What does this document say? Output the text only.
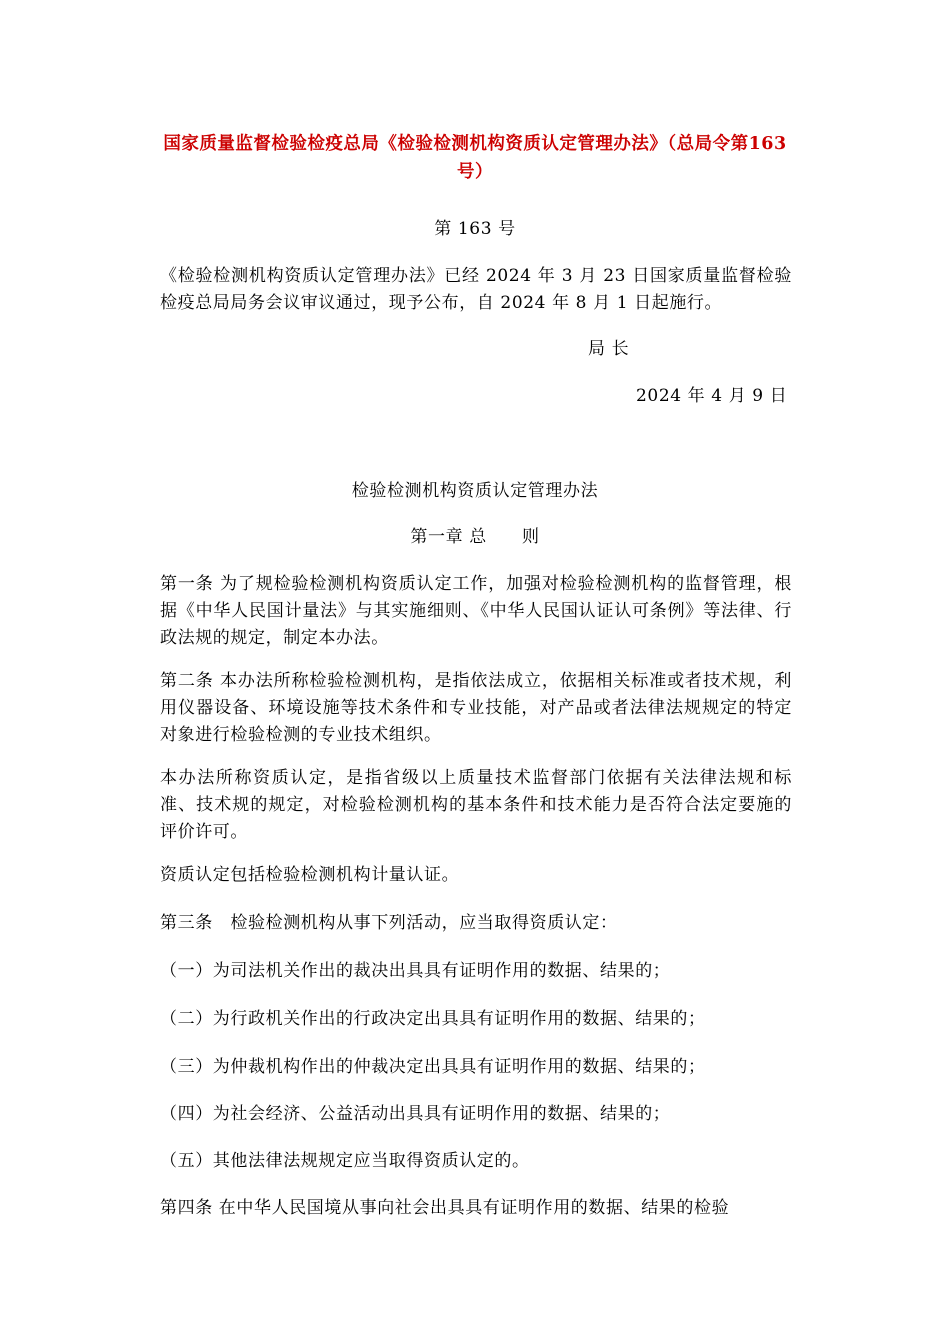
国家质量监督检验检疫总局《检验检测机构资质认定管理办法》（总局令第163号）
第 163 号
《检验检测机构资质认定管理办法》已经 2024 年 3 月 23 日国家质量监督检验检疫总局局务会议审议通过，现予公布，自 2024 年 8 月 1 日起施行。
局 长
2024 年 4 月 9 日
检验检测机构资质认定管理办法
第一章 总　　则
第一条 为了规检验检测机构资质认定工作，加强对检验检测机构的监督管理，根据《中华人民国计量法》与其实施细则、《中华人民国认证认可条例》等法律、行政法规的规定，制定本办法。
第二条 本办法所称检验检测机构，是指依法成立，依据相关标准或者技术规，利用仪器设备、环境设施等技术条件和专业技能，对产品或者法律法规规定的特定对象进行检验检测的专业技术组织。
本办法所称资质认定，是指省级以上质量技术监督部门依据有关法律法规和标准、技术规的规定，对检验检测机构的基本条件和技术能力是否符合法定要施的评价许可。
资质认定包括检验检测机构计量认证。
第三条　检验检测机构从事下列活动，应当取得资质认定：
（一）为司法机关作出的裁决出具具有证明作用的数据、结果的；
（二）为行政机关作出的行政决定出具具有证明作用的数据、结果的；
（三）为仲裁机构作出的仲裁决定出具具有证明作用的数据、结果的；
（四）为社会经济、公益活动出具具有证明作用的数据、结果的；
（五）其他法律法规规定应当取得资质认定的。
第四条 在中华人民国境从事向社会出具具有证明作用的数据、结果的检验
